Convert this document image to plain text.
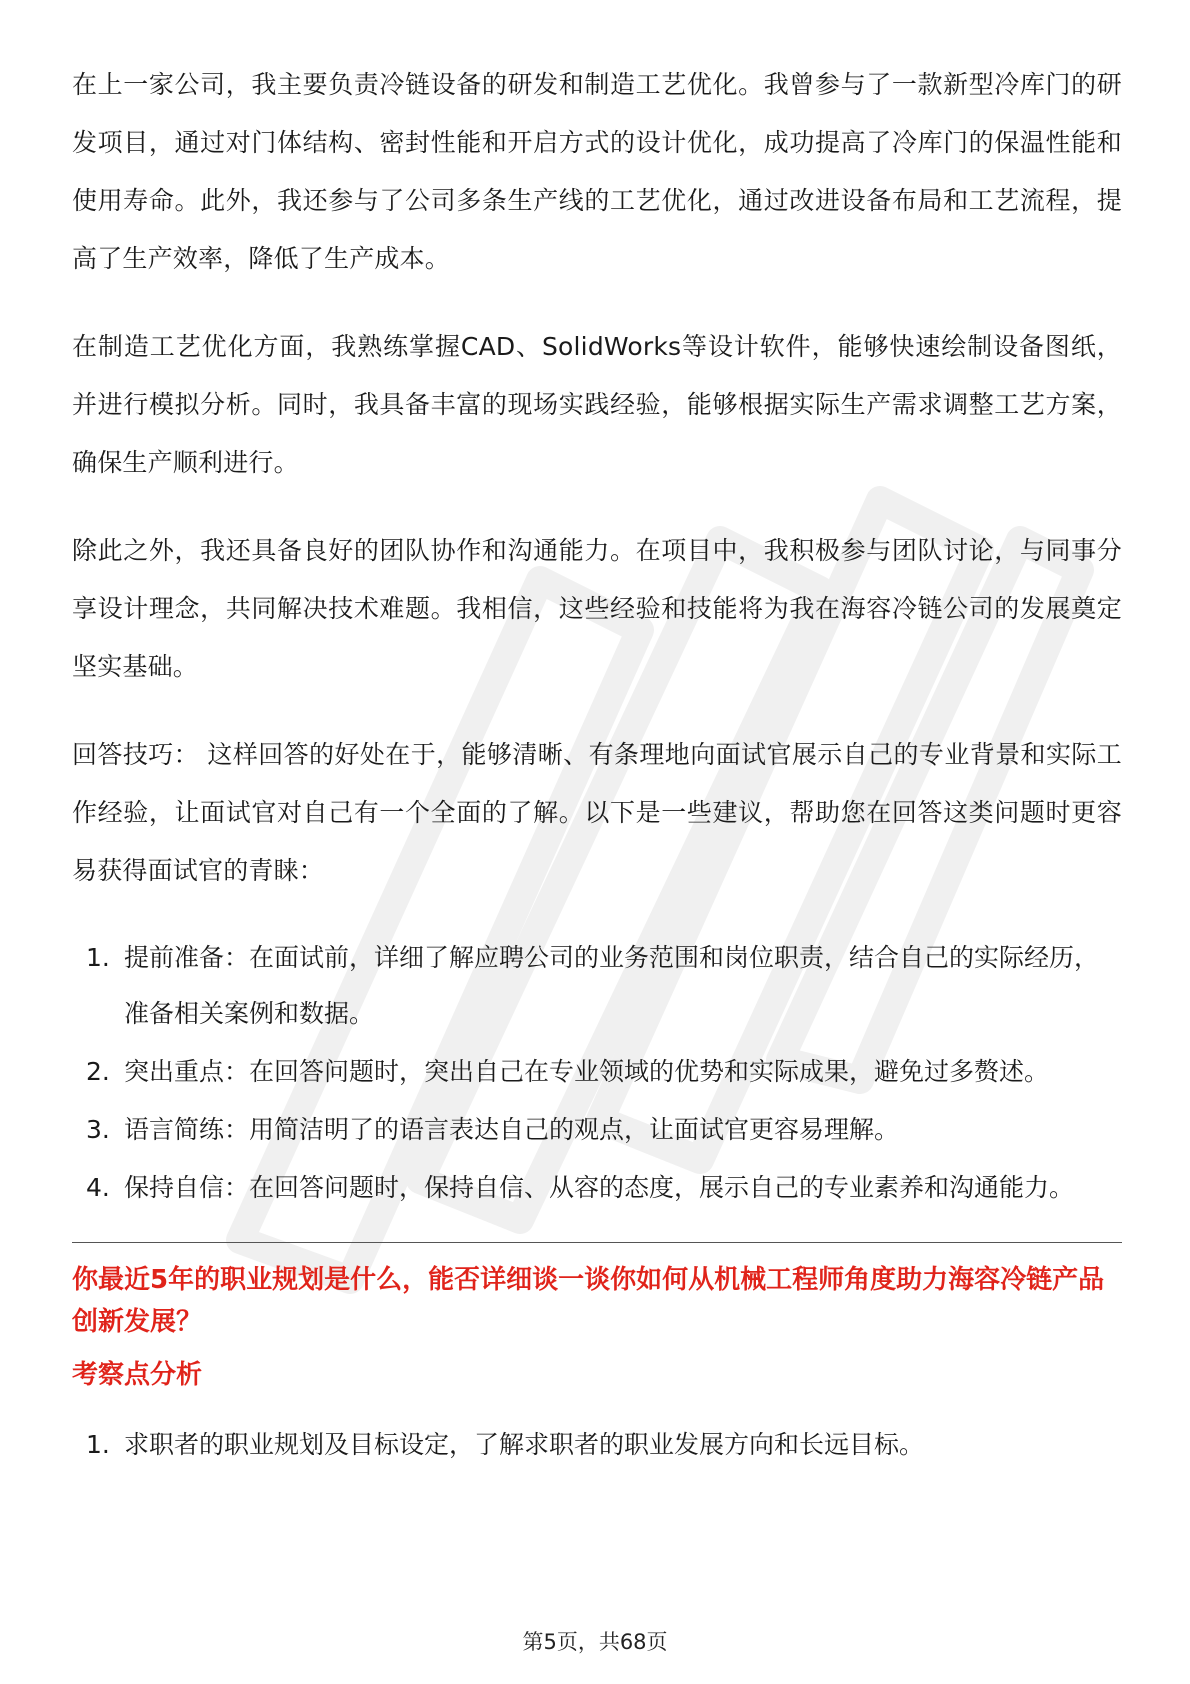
在上一家公司，我主要负责冷链设备的研发和制造工艺优化。我曾参与了一款新型冷库门的研发项目，通过对门体结构、密封性能和开启方式的设计优化，成功提高了冷库门的保温性能和使用寿命。此外，我还参与了公司多条生产线的工艺优化，通过改进设备布局和工艺流程，提高了生产效率，降低了生产成本。

在制造工艺优化方面，我熟练掌握CAD、SolidWorks等设计软件，能够快速绘制设备图纸，并进行模拟分析。同时，我具备丰富的现场实践经验，能够根据实际生产需求调整工艺方案，确保生产顺利进行。

除此之外，我还具备良好的团队协作和沟通能力。在项目中，我积极参与团队讨论，与同事分享设计理念，共同解决技术难题。我相信，这些经验和技能将为我在海容冷链公司的发展奠定坚实基础。

回答技巧： 这样回答的好处在于，能够清晰、有条理地向面试官展示自己的专业背景和实际工作经验，让面试官对自己有一个全面的了解。以下是一些建议，帮助您在回答这类问题时更容易获得面试官的青睐：

1. 提前准备：在面试前，详细了解应聘公司的业务范围和岗位职责，结合自己的实际经历，准备相关案例和数据。
2. 突出重点：在回答问题时，突出自己在专业领域的优势和实际成果，避免过多赘述。
3. 语言简练：用简洁明了的语言表达自己的观点，让面试官更容易理解。
4. 保持自信：在回答问题时，保持自信、从容的态度，展示自己的专业素养和沟通能力。
你最近5年的职业规划是什么，能否详细谈一谈你如何从机械工程师角度助力海容冷链产品创新发展？
考察点分析
1. 求职者的职业规划及目标设定，了解求职者的职业发展方向和长远目标。
第5页，共68页
